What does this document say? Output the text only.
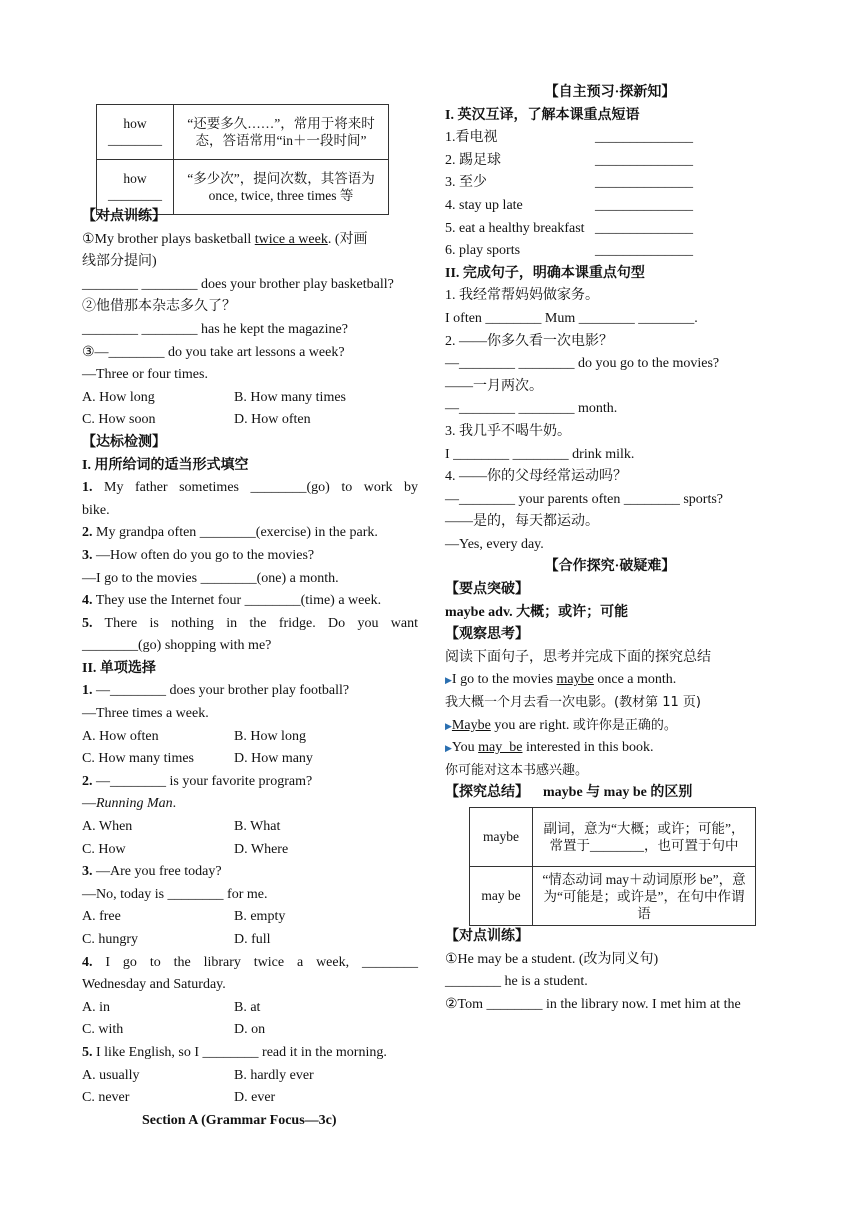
how ________	“还要多久……”，常用于将来时态，答语常用“in＋一段时间”
how ________	“多少次”，提问次数，其答语为 once, twice, three times 等
【对点训练】
①My brother plays basketball twice a week. (对画
线部分提问)
________ ________ does your brother play basketball?
②他借那本杂志多久了？
________ ________ has he kept the magazine?
③—________ do you take art lessons a week?
—Three or four times.
A. How long	B. How many times
C. How soon	D. How often
【达标检测】
I. 用所给词的适当形式填空
1. My father sometimes ________(go) to work by
bike.
2. My grandpa often ________(exercise) in the park.
3. —How often do you go to the movies?
—I go to the movies ________(one) a month.
4. They use the Internet four ________(time) a week.
5. There is nothing in the fridge. Do you want
________(go) shopping with me?
II. 单项选择
1. —________ does your brother play football?
—Three times a week.
A. How often	B. How long
C. How many times	D. How many
2. —________ is your favorite program?
—Running Man.
A. When	B. What
C. How	D. Where
3. —Are you free today?
—No, today is ________ for me.
A. free	B. empty
C. hungry	D. full
4. I go to the library twice a week, ________
Wednesday and Saturday.
A. in	B. at
C. with	D. on
5. I like English, so I ________ read it in the morning.
A. usually	B. hardly ever
C. never	D. ever
Section A (Grammar Focus—3c)
【自主预习·探新知】
I. 英汉互译，了解本课重点短语
1.看电视	______________
2. 踢足球	______________
3. 至少	______________
4. stay up late	______________
5. eat a healthy breakfast ______________
6. play sports	______________
II. 完成句子，明确本课重点句型
1. 我经常帮妈妈做家务。
I often ________ Mum ________ ________.
2. ——你多久看一次电影？
—________ ________ do you go to the movies?
——一月两次。
—________ ________ month.
3. 我几乎不喝牛奶。
I ________ ________ drink milk.
4. ——你的父母经常运动吗？
—________ your parents often ________ sports?
——是的，每天都运动。
—Yes, every day.
【合作探究·破疑难】
【要点突破】
maybe adv. 大概；或许；可能
【观察思考】
阅读下面句子，思考并完成下面的探究总结
▶I go to the movies maybe once a month.
我大概一个月去看一次电影。(教材第 11 页)
▶Maybe you are right. 或许你是正确的。
▶You may  be interested in this book.
你可能对这本书感兴趣。
【探究总结】 maybe 与 may be 的区别
maybe	副词，意为“大概；或许；可能”，常置于________，也可置于句中
may be	“情态动词 may＋动词原形 be”，意为“可能是；或许是”，在句中作谓语
【对点训练】
①He may be a student. (改为同义句)
________ he is a student.
②Tom ________ in the library now. I met him at the
